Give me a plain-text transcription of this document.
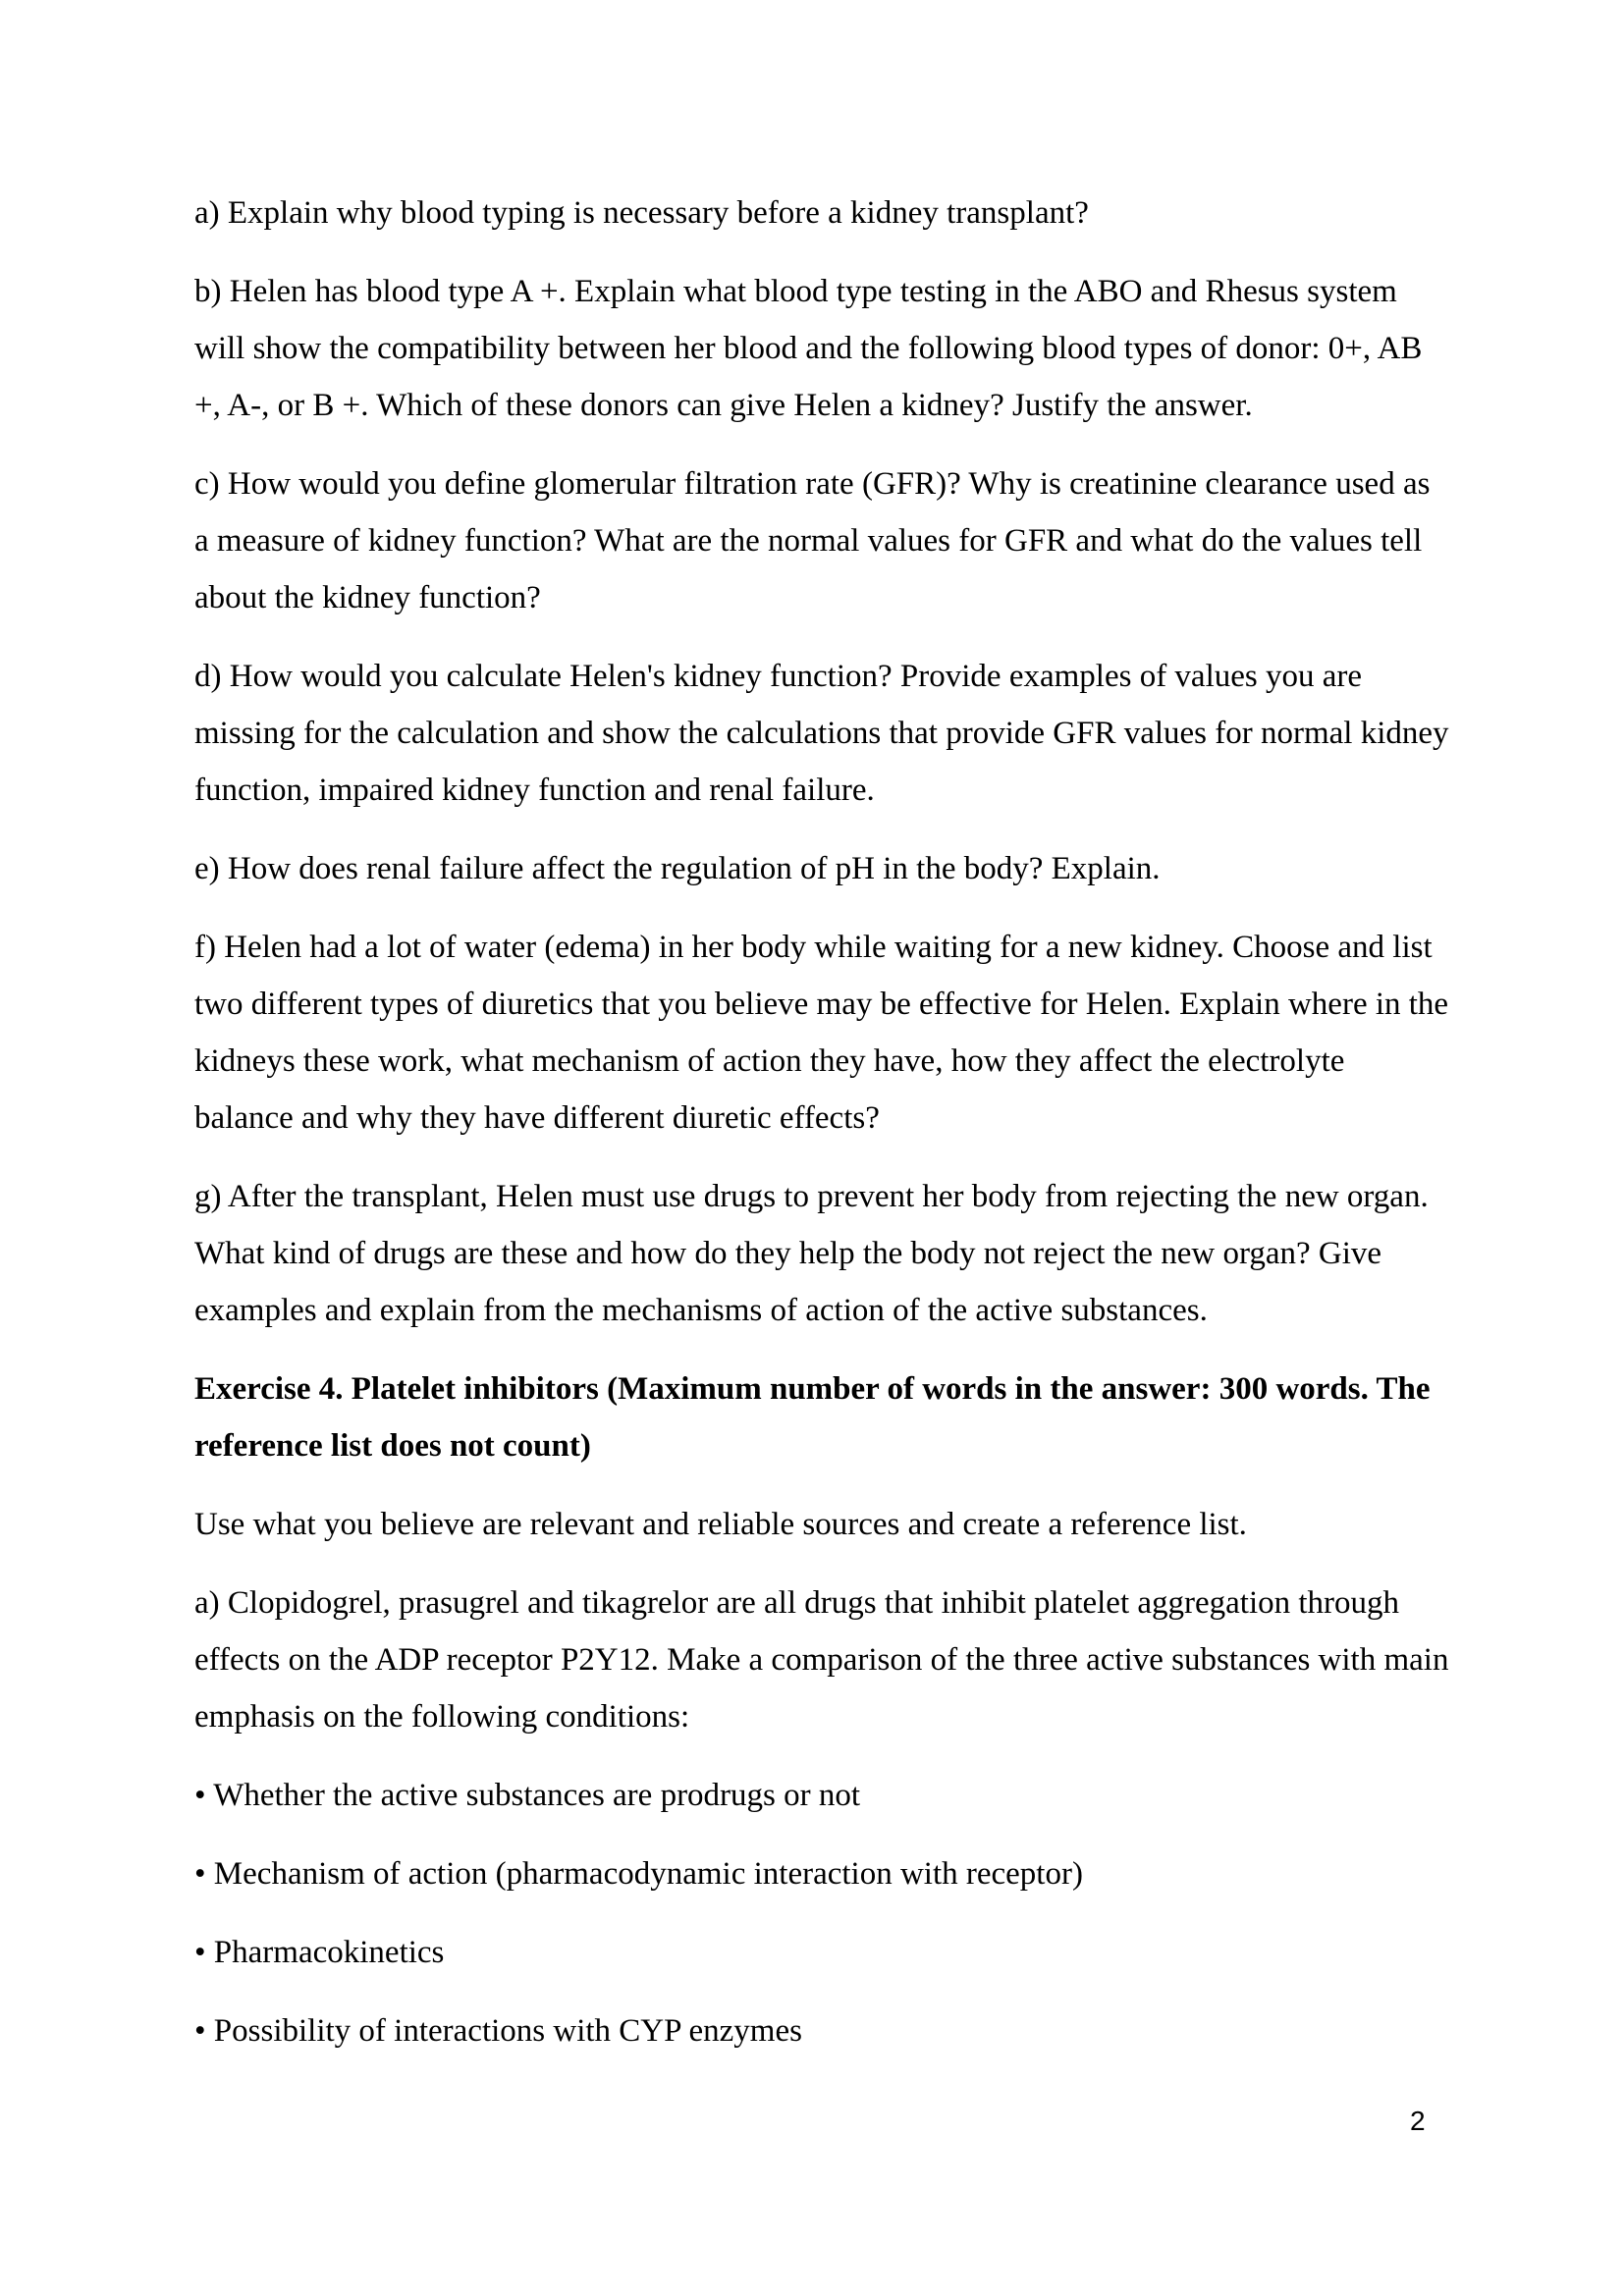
a) Explain why blood typing is necessary before a kidney transplant?

b) Helen has blood type A +. Explain what blood type testing in the ABO and Rhesus system will show the compatibility between her blood and the following blood types of donor: 0+, AB +, A-, or B +. Which of these donors can give Helen a kidney? Justify the answer.

c) How would you define glomerular filtration rate (GFR)? Why is creatinine clearance used as a measure of kidney function? What are the normal values for GFR and what do the values tell about the kidney function?

d) How would you calculate Helen's kidney function? Provide examples of values you are missing for the calculation and show the calculations that provide GFR values for normal kidney function, impaired kidney function and renal failure.

e) How does renal failure affect the regulation of pH in the body? Explain.

f) Helen had a lot of water (edema) in her body while waiting for a new kidney. Choose and list two different types of diuretics that you believe may be effective for Helen. Explain where in the kidneys these work, what mechanism of action they have, how they affect the electrolyte balance and why they have different diuretic effects?

g) After the transplant, Helen must use drugs to prevent her body from rejecting the new organ. What kind of drugs are these and how do they help the body not reject the new organ? Give examples and explain from the mechanisms of action of the active substances.

Exercise 4. Platelet inhibitors (Maximum number of words in the answer: 300 words. The reference list does not count)

Use what you believe are relevant and reliable sources and create a reference list.

a) Clopidogrel, prasugrel and tikagrelor are all drugs that inhibit platelet aggregation through effects on the ADP receptor P2Y12. Make a comparison of the three active substances with main emphasis on the following conditions:

• Whether the active substances are prodrugs or not

• Mechanism of action (pharmacodynamic interaction with receptor)

• Pharmacokinetics

• Possibility of interactions with CYP enzymes

2
